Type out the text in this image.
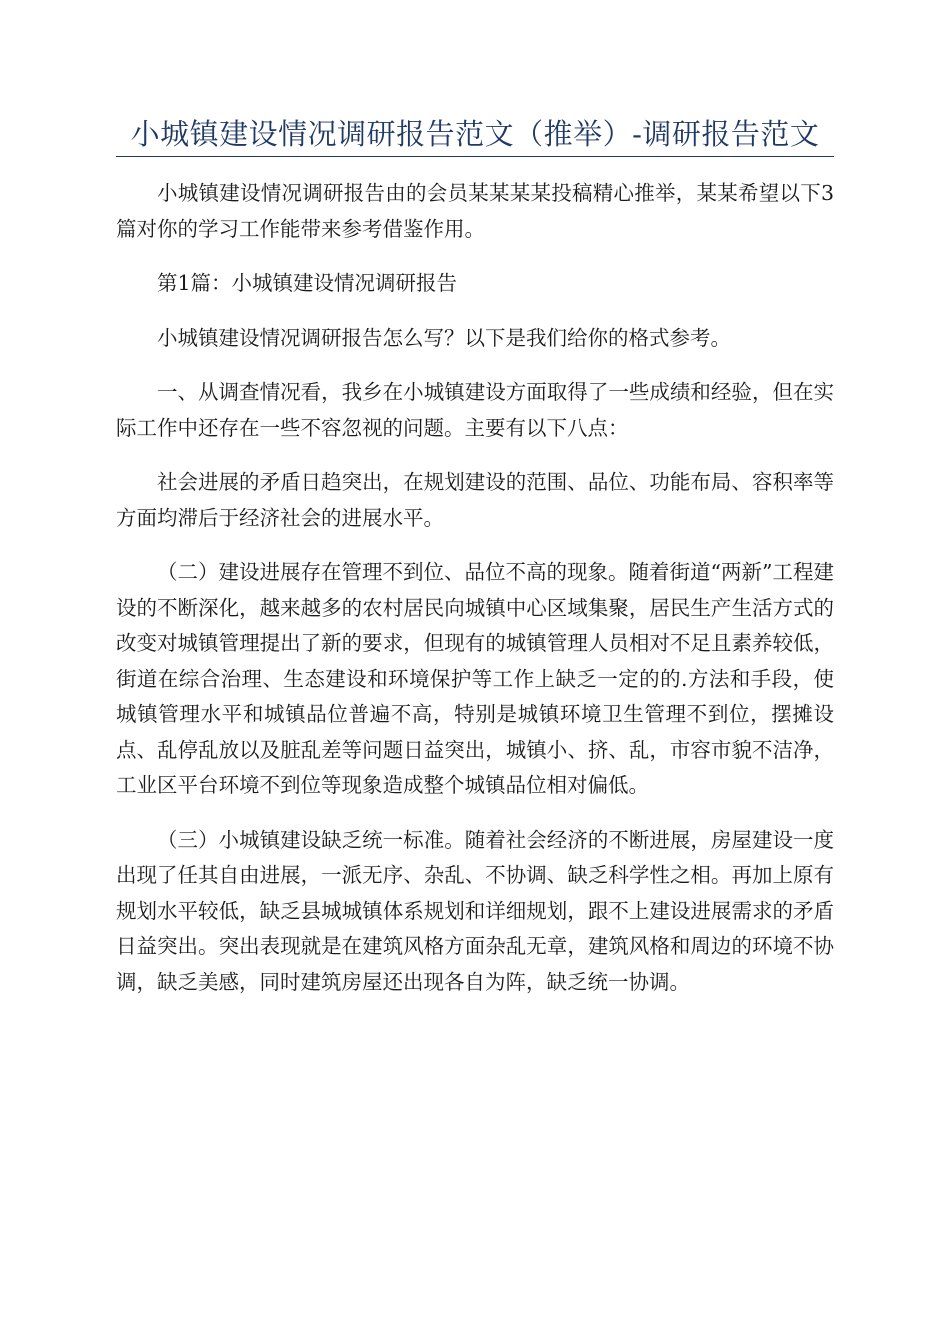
小城镇建设情况调研报告范文（推举）-调研报告范文

小城镇建设情况调研报告由的会员某某某某投稿精心推举，某某希望以下3篇对你的学习工作能带来参考借鉴作用。

第1篇：小城镇建设情况调研报告

小城镇建设情况调研报告怎么写？以下是我们给你的格式参考。

一、从调查情况看，我乡在小城镇建设方面取得了一些成绩和经验，但在实际工作中还存在一些不容忽视的问题。主要有以下八点：

社会进展的矛盾日趋突出，在规划建设的范围、品位、功能布局、容积率等方面均滞后于经济社会的进展水平。

（二）建设进展存在管理不到位、品位不高的现象。随着街道“两新”工程建设的不断深化，越来越多的农村居民向城镇中心区域集聚，居民生产生活方式的改变对城镇管理提出了新的要求，但现有的城镇管理人员相对不足且素养较低，街道在综合治理、生态建设和环境保护等工作上缺乏一定的的.方法和手段，使城镇管理水平和城镇品位普遍不高，特别是城镇环境卫生管理不到位，摆摊设点、乱停乱放以及脏乱差等问题日益突出，城镇小、挤、乱，市容市貌不洁净，工业区平台环境不到位等现象造成整个城镇品位相对偏低。

（三）小城镇建设缺乏统一标准。随着社会经济的不断进展，房屋建设一度出现了任其自由进展，一派无序、杂乱、不协调、缺乏科学性之相。再加上原有规划水平较低，缺乏县城城镇体系规划和详细规划，跟不上建设进展需求的矛盾日益突出。突出表现就是在建筑风格方面杂乱无章，建筑风格和周边的环境不协调，缺乏美感，同时建筑房屋还出现各自为阵，缺乏统一协调。
